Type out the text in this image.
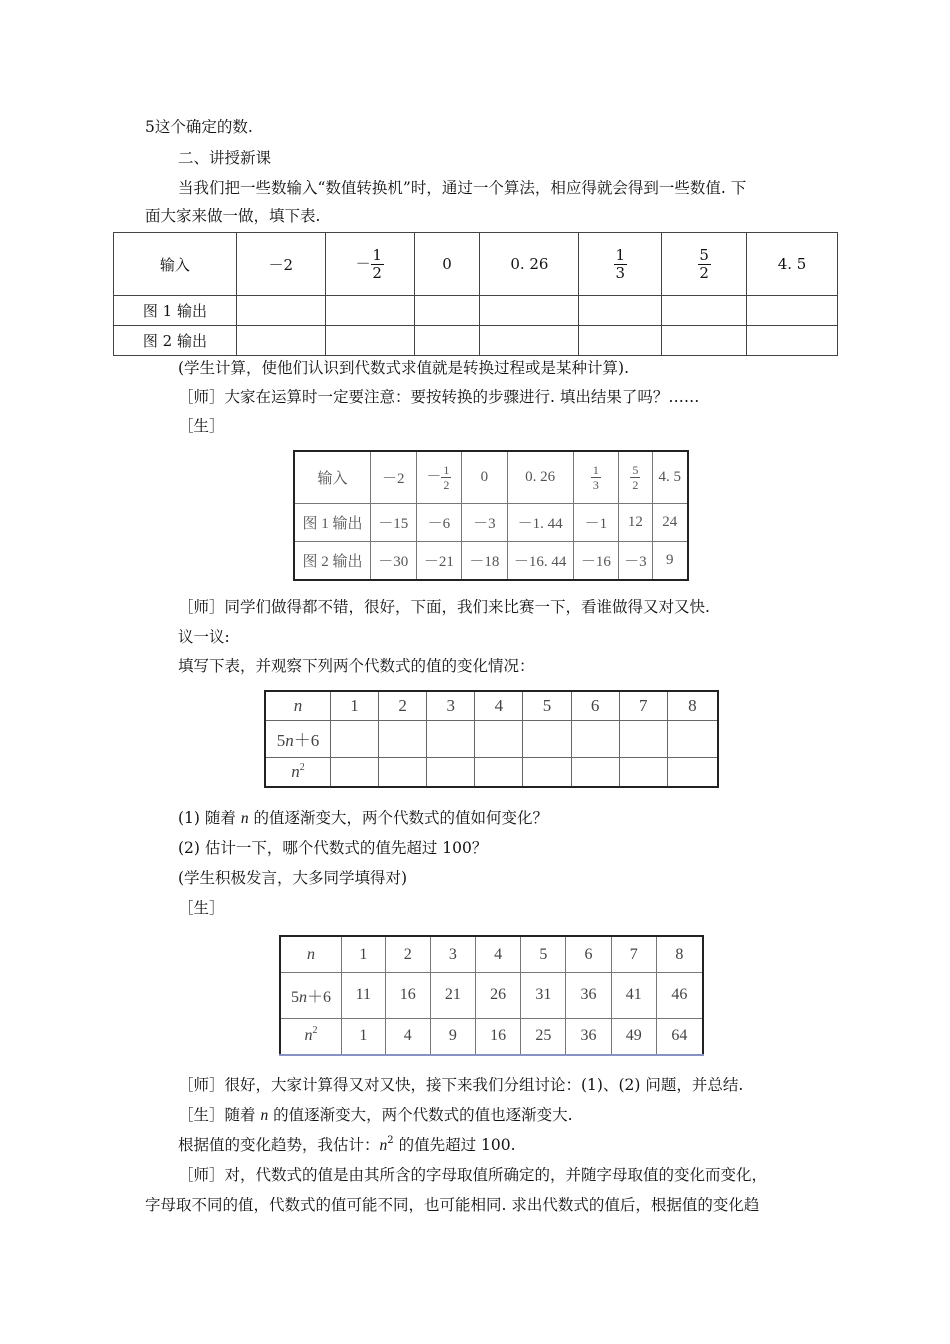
5这个确定的数.
二、讲授新课
当我们把一些数输入“数值转换机”时，通过一个算法，相应得就会得到一些数值. 下
面大家来做一做，填下表.
输入	－2	－ $\frac{1}{2}$	0	0. 26	$\frac{1}{3}$	$\frac{5}{2}$	4. 5
图 1 输出							
图 2 输出							
(学生计算，使他们认识到代数式求值就是转换过程或是某种计算).
［师］大家在运算时一定要注意：要按转换的步骤进行. 填出结果了吗？……
［生］
输入	－2	－ $\frac{1}{2}$	0	0. 26	$\frac{1}{3}$	$\frac{5}{2}$	4. 5
图 1 输出	－15	－6	－3	－1. 44	－1	12	24
图 2 输出	－30	－21	－18	－16. 44	－16	－3	9
［师］同学们做得都不错，很好，下面，我们来比赛一下，看谁做得又对又快.
议一议:
填写下表，并观察下列两个代数式的值的变化情况：
n	1	2	3	4	5	6	7	8
5n＋6								
$n^2$								
(1) 随着 n 的值逐渐变大，两个代数式的值如何变化？
(2) 估计一下，哪个代数式的值先超过 100？
(学生积极发言，大多同学填得对)
［生］
n	1	2	3	4	5	6	7	8
5n＋6	11	16	21	26	31	36	41	46
$n^2$	1	4	9	16	25	36	49	64
［师］很好，大家计算得又对又快，接下来我们分组讨论：(1)、(2) 问题，并总结.
［生］随着 n 的值逐渐变大，两个代数式的值也逐渐变大.
根据值的变化趋势，我估计：$n^2$ 的值先超过 100.
［师］对，代数式的值是由其所含的字母取值所确定的，并随字母取值的变化而变化，
字母取不同的值，代数式的值可能不同，也可能相同. 求出代数式的值后，根据值的变化趋
